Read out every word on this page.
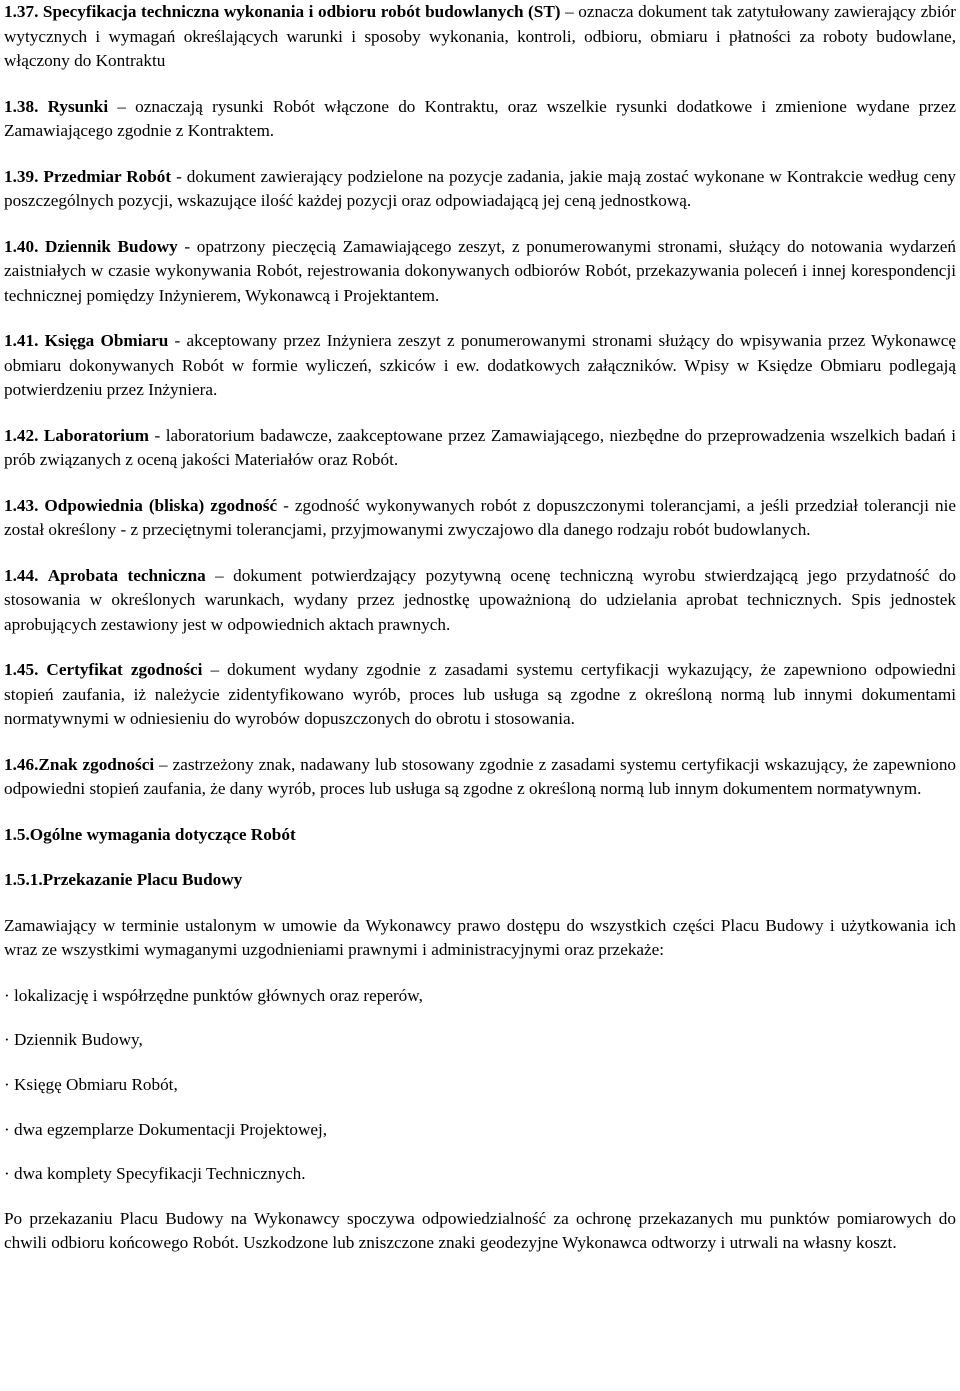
1.37. Specyfikacja techniczna wykonania i odbioru robót budowlanych (ST) – oznacza dokument tak zatytułowany zawierający zbiór wytycznych i wymagań określających warunki i sposoby wykonania, kontroli, odbioru, obmiaru i płatności za roboty budowlane, włączony do Kontraktu

1.38. Rysunki – oznaczają rysunki Robót włączone do Kontraktu, oraz wszelkie rysunki dodatkowe i zmienione wydane przez Zamawiającego zgodnie z Kontraktem.

1.39. Przedmiar Robót - dokument zawierający podzielone na pozycje zadania, jakie mają zostać wykonane w Kontrakcie według ceny poszczególnych pozycji, wskazujące ilość każdej pozycji oraz odpowiadającą jej ceną jednostkową.

1.40. Dziennik Budowy - opatrzony pieczęcią Zamawiającego zeszyt, z ponumerowanymi stronami, służący do notowania wydarzeń zaistniałych w czasie wykonywania Robót, rejestrowania dokonywanych odbiorów Robót, przekazywania poleceń i innej korespondencji technicznej pomiędzy Inżynierem, Wykonawcą i Projektantem.

1.41. Księga Obmiaru - akceptowany przez Inżyniera zeszyt z ponumerowanymi stronami służący do wpisywania przez Wykonawcę obmiaru dokonywanych Robót w formie wyliczeń, szkiców i ew. dodatkowych załączników. Wpisy w Księdze Obmiaru podlegają potwierdzeniu przez Inżyniera.

1.42. Laboratorium - laboratorium badawcze, zaakceptowane przez Zamawiającego, niezbędne do przeprowadzenia wszelkich badań i prób związanych z oceną jakości Materiałów oraz Robót.

1.43. Odpowiednia (bliska) zgodność - zgodność wykonywanych robót z dopuszczonymi tolerancjami, a jeśli przedział tolerancji nie został określony - z przeciętnymi tolerancjami, przyjmowanymi zwyczajowo dla danego rodzaju robót budowlanych.

1.44. Aprobata techniczna – dokument potwierdzający pozytywną ocenę techniczną wyrobu stwierdzającą jego przydatność do stosowania w określonych warunkach, wydany przez jednostkę upoważnioną do udzielania aprobat technicznych. Spis jednostek aprobujących zestawiony jest w odpowiednich aktach prawnych.

1.45. Certyfikat zgodności – dokument wydany zgodnie z zasadami systemu certyfikacji wykazujący, że zapewniono odpowiedni stopień zaufania, iż należycie zidentyfikowano wyrób, proces lub usługa są zgodne z określoną normą lub innymi dokumentami normatywnymi w odniesieniu do wyrobów dopuszczonych do obrotu i stosowania.

1.46.Znak zgodności – zastrzeżony znak, nadawany lub stosowany zgodnie z zasadami systemu certyfikacji wskazujący, że zapewniono odpowiedni stopień zaufania, że dany wyrób, proces lub usługa są zgodne z określoną normą lub innym dokumentem normatywnym.

1.5.Ogólne wymagania dotyczące Robót

1.5.1.Przekazanie Placu Budowy

Zamawiający w terminie ustalonym w umowie da Wykonawcy prawo dostępu do wszystkich części Placu Budowy i użytkowania ich wraz ze wszystkimi wymaganymi uzgodnieniami prawnymi i administracyjnymi oraz przekaże:

· lokalizację i współrzędne punktów głównych oraz reperów,

· Dziennik Budowy,

· Księgę Obmiaru Robót,

· dwa egzemplarze Dokumentacji Projektowej,

· dwa komplety Specyfikacji Technicznych.

Po przekazaniu Placu Budowy na Wykonawcy spoczywa odpowiedzialność za ochronę przekazanych mu punktów pomiarowych do chwili odbioru końcowego Robót. Uszkodzone lub zniszczone znaki geodezyjne Wykonawca odtworzy i utrwali na własny koszt.
